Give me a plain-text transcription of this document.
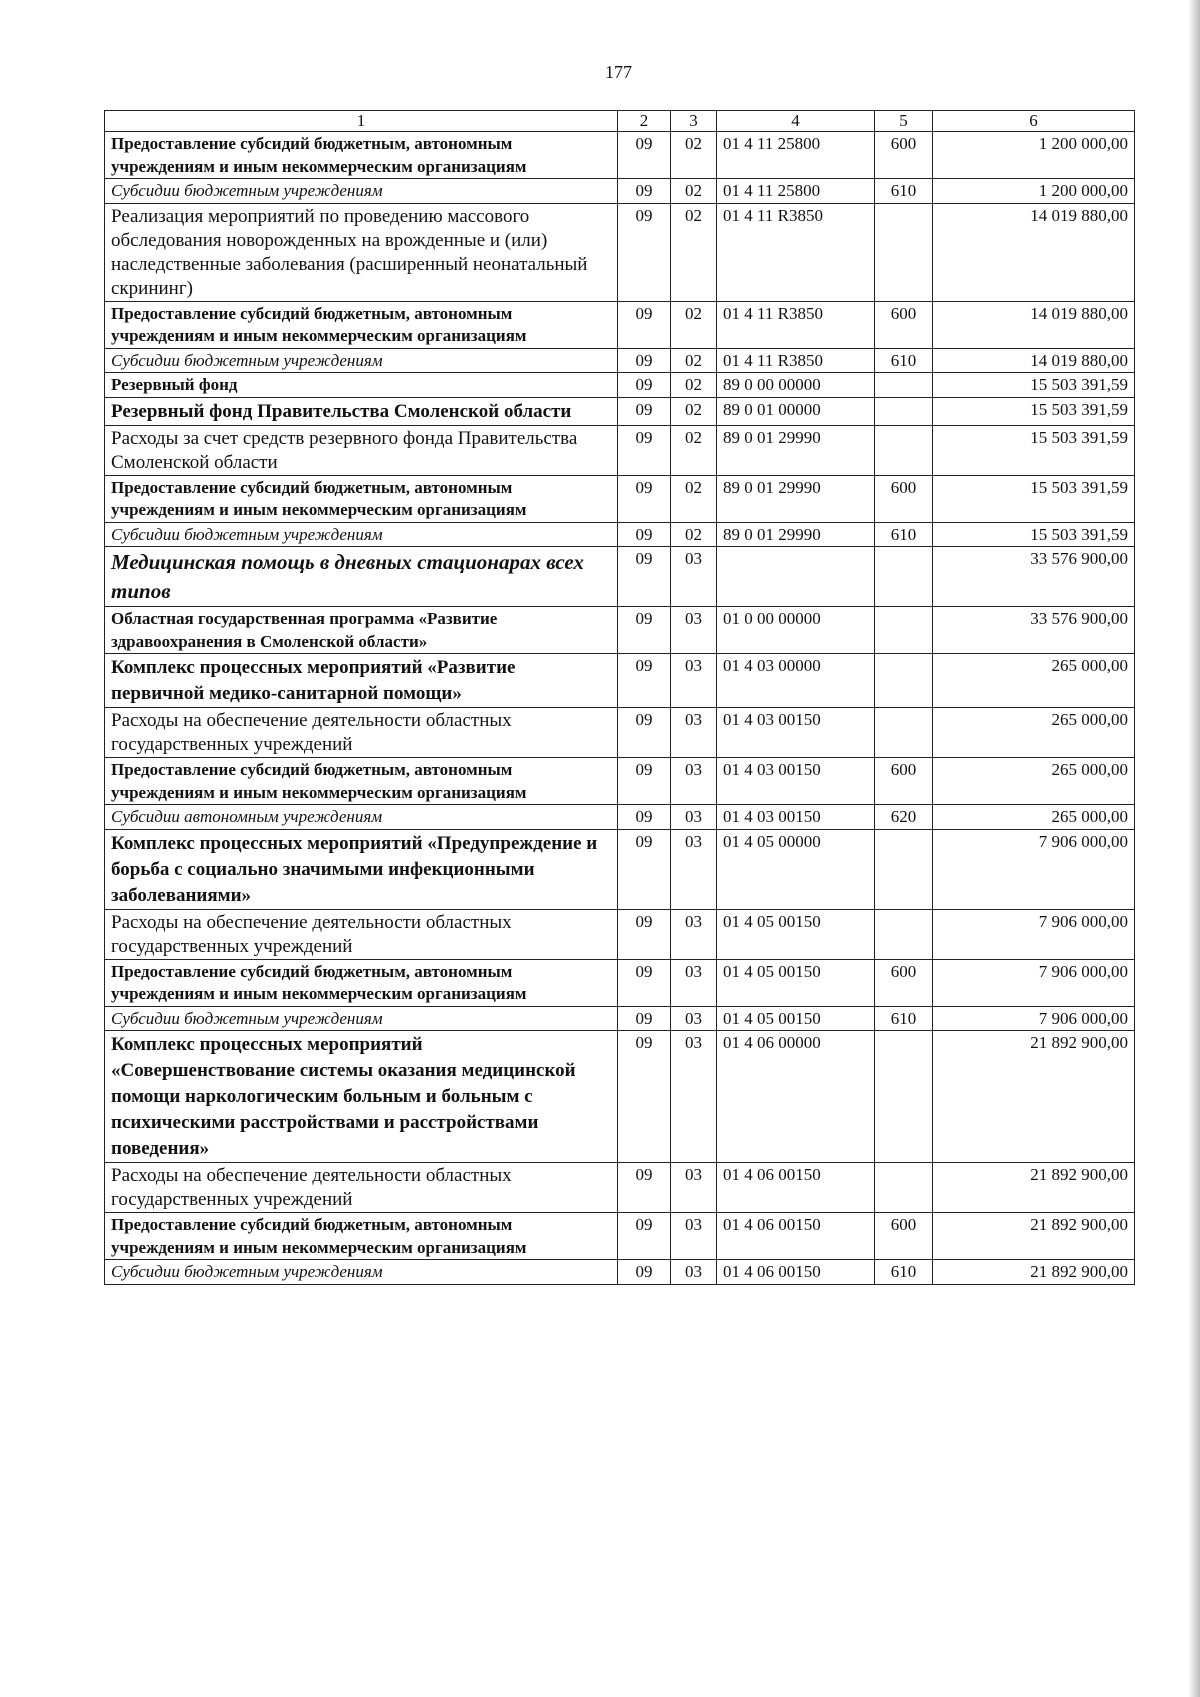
177
1	2	3	4	5	6
Предоставление субсидий бюджетным, автономным учреждениям и иным некоммерческим организациям	09	02	01 4 11 25800	600	1 200 000,00
Субсидии бюджетным учреждениям	09	02	01 4 11 25800	610	1 200 000,00
Реализация мероприятий по проведению массового обследования новорожденных на врожденные и (или) наследственные заболевания (расширенный неонатальный скрининг)	09	02	01 4 11 R3850		14 019 880,00
Предоставление субсидий бюджетным, автономным учреждениям и иным некоммерческим организациям	09	02	01 4 11 R3850	600	14 019 880,00
Субсидии бюджетным учреждениям	09	02	01 4 11 R3850	610	14 019 880,00
Резервный фонд	09	02	89 0 00 00000		15 503 391,59
Резервный фонд Правительства Смоленской области	09	02	89 0 01 00000		15 503 391,59
Расходы за счет средств резервного фонда Правительства Смоленской области	09	02	89 0 01 29990		15 503 391,59
Предоставление субсидий бюджетным, автономным учреждениям и иным некоммерческим организациям	09	02	89 0 01 29990	600	15 503 391,59
Субсидии бюджетным учреждениям	09	02	89 0 01 29990	610	15 503 391,59
Медицинская помощь в дневных стационарах всех типов	09	03			33 576 900,00
Областная государственная программа «Развитие здравоохранения в Смоленской области»	09	03	01 0 00 00000		33 576 900,00
Комплекс процессных мероприятий «Развитие первичной медико-санитарной помощи»	09	03	01 4 03 00000		265 000,00
Расходы на обеспечение деятельности областных государственных учреждений	09	03	01 4 03 00150		265 000,00
Предоставление субсидий бюджетным, автономным учреждениям и иным некоммерческим организациям	09	03	01 4 03 00150	600	265 000,00
Субсидии автономным учреждениям	09	03	01 4 03 00150	620	265 000,00
Комплекс процессных мероприятий «Предупреждение и борьба с социально значимыми инфекционными заболеваниями»	09	03	01 4 05 00000		7 906 000,00
Расходы на обеспечение деятельности областных государственных учреждений	09	03	01 4 05 00150		7 906 000,00
Предоставление субсидий бюджетным, автономным учреждениям и иным некоммерческим организациям	09	03	01 4 05 00150	600	7 906 000,00
Субсидии бюджетным учреждениям	09	03	01 4 05 00150	610	7 906 000,00
Комплекс процессных мероприятий «Совершенствование системы оказания медицинской помощи наркологическим больным и больным с психическими расстройствами и расстройствами поведения»	09	03	01 4 06 00000		21 892 900,00
Расходы на обеспечение деятельности областных государственных учреждений	09	03	01 4 06 00150		21 892 900,00
Предоставление субсидий бюджетным, автономным учреждениям и иным некоммерческим организациям	09	03	01 4 06 00150	600	21 892 900,00
Субсидии бюджетным учреждениям	09	03	01 4 06 00150	610	21 892 900,00
